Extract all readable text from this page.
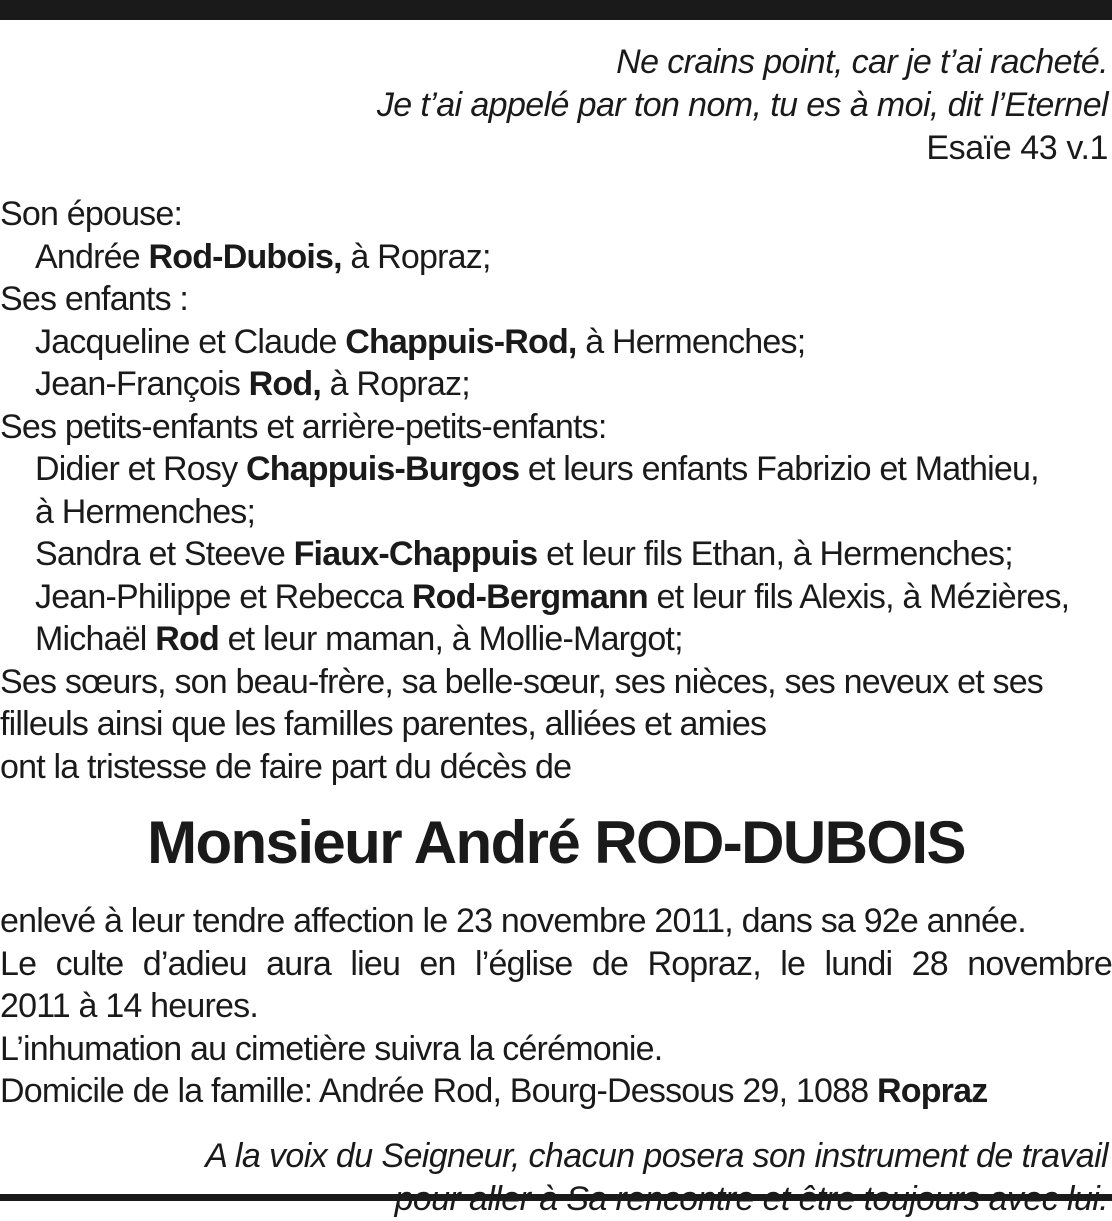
Ne crains point, car je t’ai racheté.
Je t’ai appelé par ton nom, tu es à moi, dit l’Eternel
Esaïe 43 v.1
Son épouse:
Andrée Rod-Dubois, à Ropraz;
Ses enfants :
Jacqueline et Claude Chappuis-Rod, à Hermenches;
Jean-François Rod, à Ropraz;
Ses petits-enfants et arrière-petits-enfants:
Didier et Rosy Chappuis-Burgos et leurs enfants Fabrizio et Mathieu,
à Hermenches;
Sandra et Steeve Fiaux-Chappuis et leur fils Ethan, à Hermenches;
Jean-Philippe et Rebecca Rod-Bergmann et leur fils Alexis, à Mézières,
Michaël Rod et leur maman, à Mollie-Margot;
Ses sœurs, son beau-frère, sa belle-sœur, ses nièces, ses neveux et ses
filleuls ainsi que les familles parentes, alliées et amies
ont la tristesse de faire part du décès de
Monsieur André ROD-DUBOIS
enlevé à leur tendre affection le 23 novembre 2011, dans sa 92e année.
Le culte d’adieu aura lieu en l’église de Ropraz, le lundi 28 novembre
2011 à 14 heures.
L’inhumation au cimetière suivra la cérémonie.
Domicile de la famille: Andrée Rod, Bourg-Dessous 29, 1088 Ropraz
A la voix du Seigneur, chacun posera son instrument de travail
